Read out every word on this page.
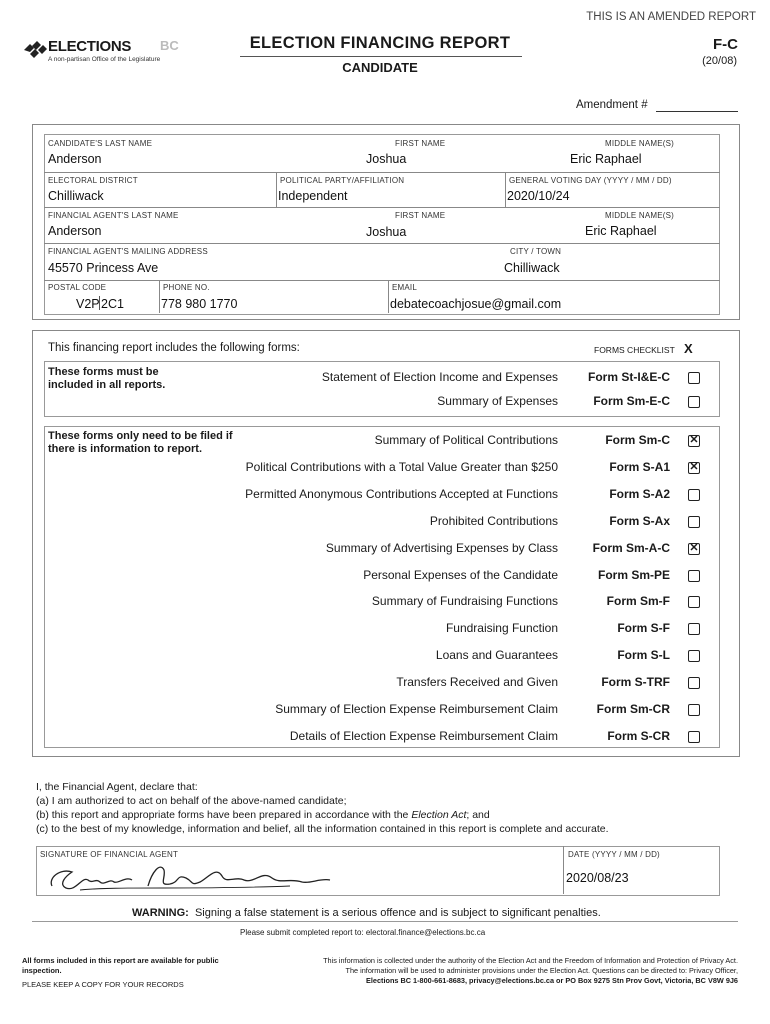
THIS IS AN AMENDED REPORT
ELECTIONS BC
A non-partisan Office of the Legislature
ELECTION FINANCING REPORT
CANDIDATE
F-C
(20/08)
Amendment #
CANDIDATE'S LAST NAME
Anderson
FIRST NAME
Joshua
MIDDLE NAME(S)
Eric Raphael
ELECTORAL DISTRICT
Chilliwack
POLITICAL PARTY/AFFILIATION
Independent
GENERAL VOTING DAY (YYYY / MM / DD)
2020/10/24
FINANCIAL AGENT'S LAST NAME
Anderson
FIRST NAME
Joshua
MIDDLE NAME(S)
Eric Raphael
FINANCIAL AGENT'S MAILING ADDRESS
45570 Princess Ave
CITY / TOWN
Chilliwack
POSTAL CODE
V2P 2C1
PHONE NO.
778 980 1770
EMAIL
debatecoachjosue@gmail.com
This financing report includes the following forms:	FORMS CHECKLIST X
These forms must be included in all reports.
These forms only need to be filed if there is information to report.
Statement of Election Income and Expenses	Form St-I&E-C
Summary of Expenses	Form Sm-E-C
Summary of Political Contributions	Form Sm-C ✕
Political Contributions with a Total Value Greater than $250	Form S-A1 ✕
Permitted Anonymous Contributions Accepted at Functions	Form S-A2
Prohibited Contributions	Form S-Ax
Summary of Advertising Expenses by Class	Form Sm-A-C ✕
Personal Expenses of the Candidate	Form Sm-PE
Summary of Fundraising Functions	Form Sm-F
Fundraising Function	Form S-F
Loans and Guarantees	Form S-L
Transfers Received and Given	Form S-TRF
Summary of Election Expense Reimbursement Claim	Form Sm-CR
Details of Election Expense Reimbursement Claim	Form S-CR
I, the Financial Agent, declare that:
(a) I am authorized to act on behalf of the above-named candidate;
(b) this report and appropriate forms have been prepared in accordance with the Election Act; and
(c) to the best of my knowledge, information and belief, all the information contained in this report is complete and accurate.
SIGNATURE OF FINANCIAL AGENT	DATE (YYYY / MM / DD)
2020/08/23
WARNING: Signing a false statement is a serious offence and is subject to significant penalties.
Please submit completed report to: electoral.finance@elections.bc.ca
All forms included in this report are available for public inspection.
PLEASE KEEP A COPY FOR YOUR RECORDS
This information is collected under the authority of the Election Act and the Freedom of Information and Protection of Privacy Act.
The information will be used to administer provisions under the Election Act. Questions can be directed to: Privacy Officer,
Elections BC 1-800-661-8683, privacy@elections.bc.ca or PO Box 9275 Stn Prov Govt, Victoria, BC V8W 9J6
